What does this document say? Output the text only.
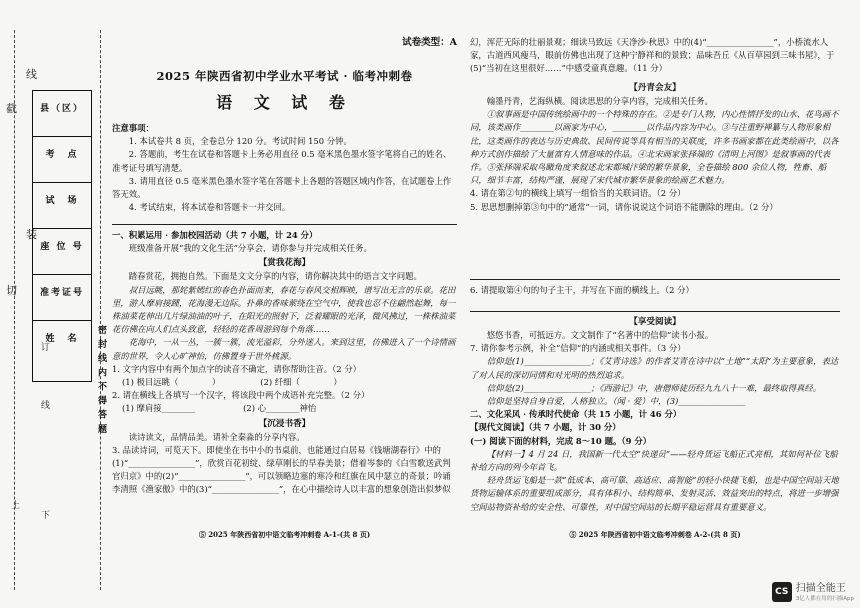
截
线
切
装
县（区）
考　点
试　场
座 位 号
准考证号
姓　名
订
线
上
下
密 封 线 内 不 得 答 题
试卷类型：A
2025 年陕西省初中学业水平考试 · 临考冲刺卷
语 文 试 卷
注意事项：
1. 本试卷共 8 页，全卷总分 120 分。考试时间 150 分钟。
2. 答题前，考生在试卷和答题卡上务必用直径 0.5 毫米黑色墨水签字笔将自己的姓名、准考证号填写清楚。
3. 请用直径 0.5 毫米黑色墨水签字笔在答题卡上各题的答题区域内作答，在试题卷上作答无效。
4. 考试结束，将本试卷和答题卡一并交回。
一、积累运用 · 参加校园活动（共 7 小题，计 24 分）
班级准备开展“我的文化生活”分享会，请你参与并完成相关任务。
【赏我花海】
踏春赏花，拥抱自然。下面是文文分享的内容，请你解决其中的语言文字问题。
叔目远眺，那姹紫嫣红的春色扑面而来，春花与春风交相辉映，谱写出无言的乐章。花田里，游人摩肩接踵，花海漫无边际。扑鼻的香味萦绕在空气中，使我也忍不住翩然起舞，每一株油菜花伸出几片绿油油的叶子，在阳光的照射下，泛着耀眼的光泽，微风拂过，一株株油菜花仿佛在向人们点头致意，轻轻的花香周游到每个角落……
花海中，一从一丛，一簇一簇，流光溢彩，分外迷人。来到这里，仿佛进入了一个诗情画意的世界，令人心旷神怡，仿佛置身于世外桃源。
1. 文字内容中有两个加点字的读音不确定，请你帮助注音。（2 分）
(1) 极目远眺（　　　　）	(2) 纤细（　　　　）
2. 请在横线上各填写一个汉字，将该段中两个成语补充完整。（2 分）
(1) 摩肩接________	(2) 心________神怡
【沉浸书香】
读诗读文，品情品美。请补全秦淼的分享内容。
3. 品读诗词，可览天下。即使坐在书中小的书桌前，也能通过白居易《钱塘湖春行》中的(1)“________________”，欣赏百花初绽、绿草刚长的早春美景；借着岑参的《白雪歌送武判官归京》中的(2)“________________”，可以领略边塞的寒冷和红旗在风中瑟立的奇景；吟诵李清照《渔家傲》中的(3)“________________”，在心中描绘诗人以丰富的想象创造出似梦似
⑤ 2025 年陕西省初中语文临考冲刺卷 A-1-(共 8 页)
幻，浑茫无际的壮丽景观；细读马致远《天净沙·秋思》中的(4)“________________”，小桥流水人家，古道西风瘦马，眼前仿佛也出现了这种宁静祥和的景致；品味吾丘《从百草园到三味书屋》，于(5)“当初在这里很好……”中感受童真意趣。（11 分）
【丹青会友】
翰墨丹青，艺海纵横。阅读思思的分享内容，完成相关任务。
①叙事画是中国传统绘画中的一个特殊的存在。②是专门人物，内心性情抒发的山水、花鸟画不同，该类画作________以画家为中心，________以作品内容为中心。③与注重野禅纂与人物形象相比，这类画作的表达与历史典故、民间传说等具有相当的关联度，许多书画家都在此类绘画中，以各种方式创作描绘了大量富有人情意味的作品。④北宋画家张择端的《清明上河图》是叙事画的代表作。⑤张择端采取鸟瞰角度来叙述北宋都城汴梁的繁华景象，全卷描绘 800 余位人物，牲畜、船只，细节丰富，结构严谨，展现了宋代城市繁华景象的绘画艺术魅力。
4. 请在第②句的横线上填写一组恰当的关联词语。（2 分）
5. 思思想删掉第③句中的“通常”一词，请你说说这个词语不能删除的理由。（2 分）
6. 请提取第④句的句子主干，并写在下面的横线上。（2 分）
【享受阅读】
悠悠书香，可抵远方。文文制作了“名著中的信仰”读书小报。
7. 请你参考示例，补全“信仰”的内涵或相关事件。（3 分）
信仰是(1)________________；《艾青诗选》的作者艾青在诗中以“土地”“太阳”为主要意象，表达了对人民的深切同情和对光明的热烈追求。
信仰是(2)________________；《西游记》中，唐僧师徒历经九九八十一难，最终取得真经。
信仰是坚持自身自爱，人格独立。（闻 · 爱）中，(3)________________
二、文化采风 · 传承时代使命（共 15 小题，计 46 分）
【现代文阅读】（共 7 小题，计 30 分）
(一) 阅读下面的材料，完成 8～10 题。（9 分）
【材料一】4 月 24 日，我国新一代太空“快递员”——轻舟货运飞船正式亮相，其如何补位飞船补给方向的列今年首飞。
轻舟货运飞船是一款“低成本、高可靠、高适应、高智能”的轻小快捷飞船，也是中国空间站天地货物运输体系的重要组成部分，具有体积小、结构简单、发射灵活、效益突出的特点，将进一步增强空间站物资补给的安全性、可靠性，对中国空间站的长期平稳运营具有重要意义。
⑤ 2025 年陕西省初中语文临考冲刺卷 A-2-(共 8 页)
CS 扫描全能王
3亿人都在用的扫描App
